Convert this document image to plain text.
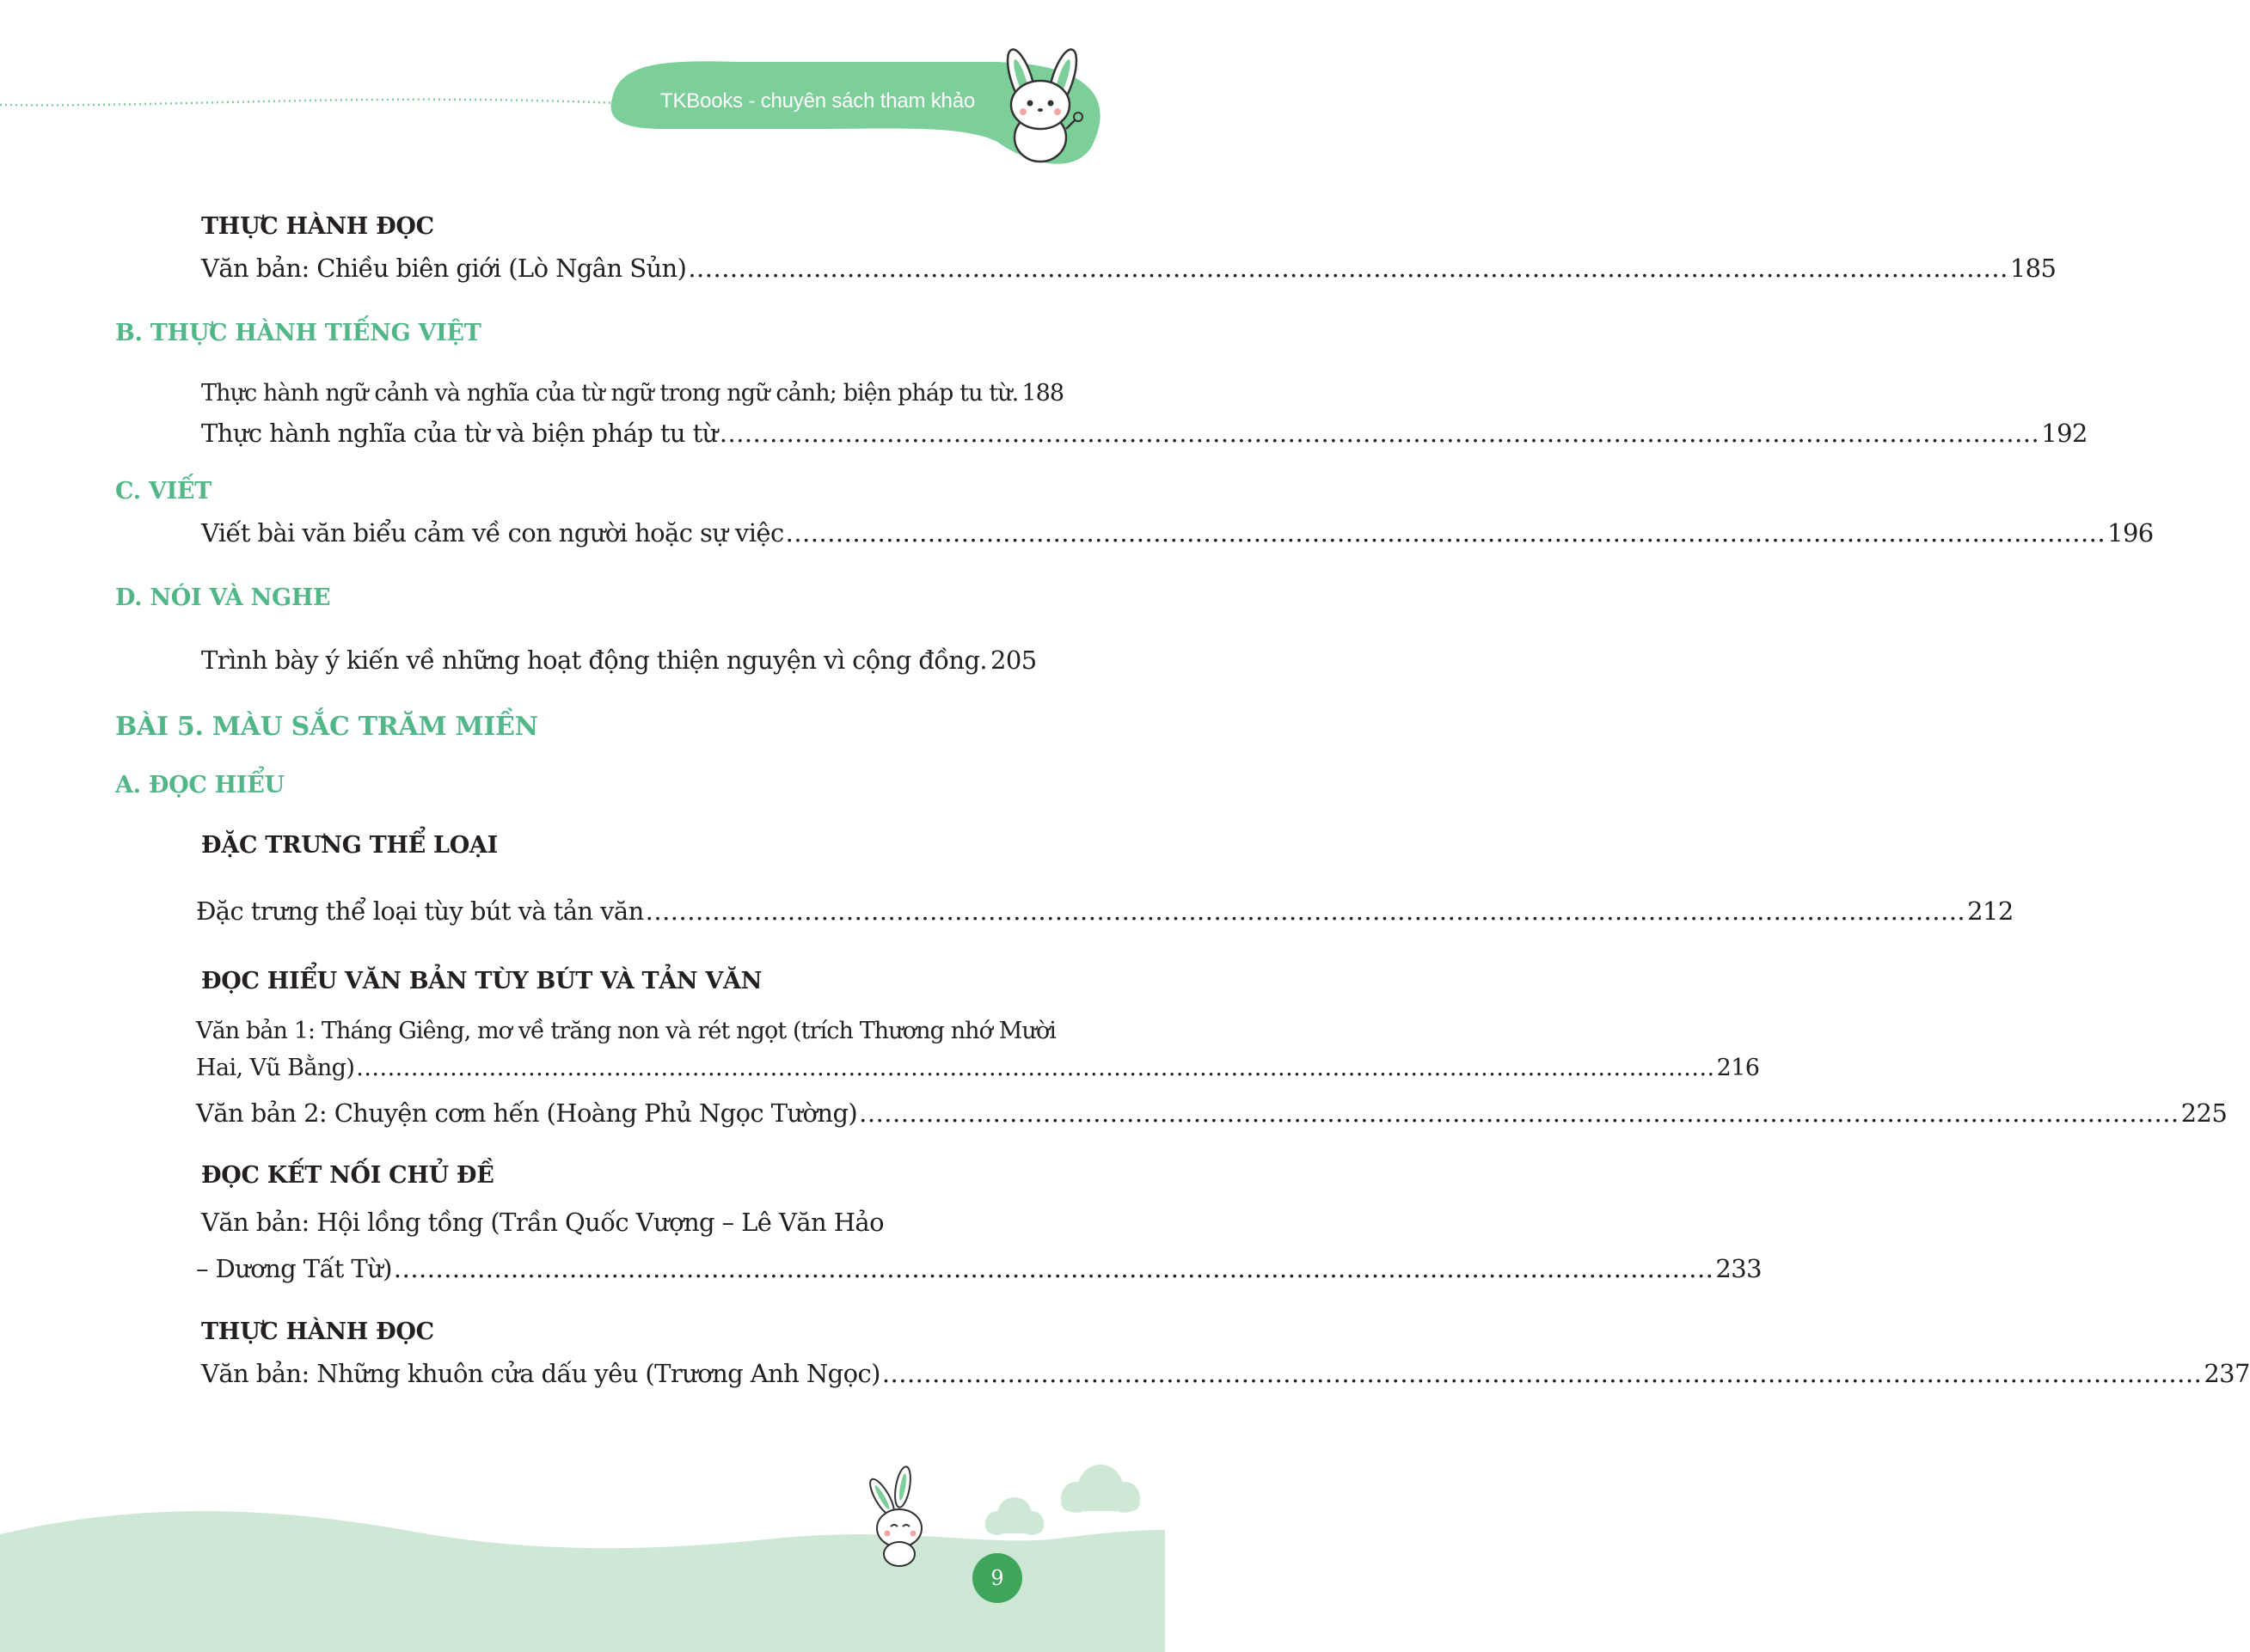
TKBooks - chuyên sách tham khảo
THỰC HÀNH ĐỌC
Văn bản: Chiều biên giới (Lò Ngân Sủn) .............................................................................................................................................................. 185
B. THỰC HÀNH TIẾNG VIỆT
Thực hành ngữ cảnh và nghĩa của từ ngữ trong ngữ cảnh; biện pháp tu từ. 188
Thực hành nghĩa của từ và biện pháp tu từ .............................................................................................................................................................. 192
C. VIẾT
Viết bài văn biểu cảm về con người hoặc sự việc .............................................................................................................................................................. 196
D. NÓI VÀ NGHE
Trình bày ý kiến về những hoạt động thiện nguyện vì cộng đồng. 205
BÀI 5. MÀU SẮC TRĂM MIỀN
A. ĐỌC HIỂU
ĐẶC TRƯNG THỂ LOẠI
Đặc trưng thể loại tùy bút và tản văn .............................................................................................................................................................. 212
ĐỌC HIỂU VĂN BẢN TÙY BÚT VÀ TẢN VĂN
Văn bản 1: Tháng Giêng, mơ về trăng non và rét ngọt (trích Thương nhớ Mười
Hai, Vũ Bằng) .............................................................................................................................................................................. 216
Văn bản 2: Chuyện cơm hến (Hoàng Phủ Ngọc Tường) .............................................................................................................................................................. 225
ĐỌC KẾT NỐI CHỦ ĐỀ
Văn bản: Hội lồng tồng (Trần Quốc Vượng – Lê Văn Hảo
– Dương Tất Từ) .............................................................................................................................................................. 233
THỰC HÀNH ĐỌC
Văn bản: Những khuôn cửa dấu yêu (Trương Anh Ngọc) .............................................................................................................................................................. 237
9
